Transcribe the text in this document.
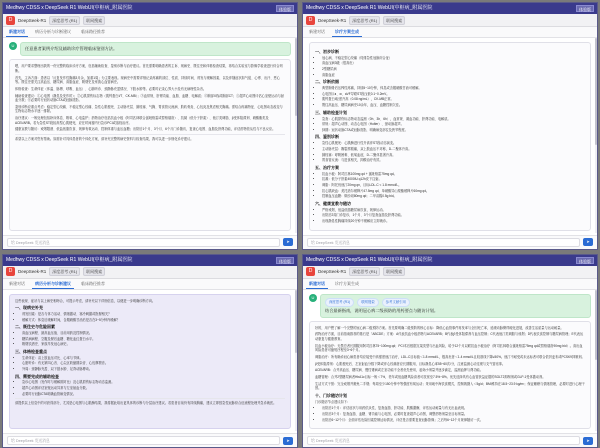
Medhwy CDSS x DeepSeek R1 WebUI(中枢病_附属医院	体验版
D	DeepSeek-R1	深度思考 (R1)	联网搜索
新建对话	病历分析与诊断建议	临床路径推荐
U
任意患者案例介绍及辅助诊疗管理临床鉴别方法。

嗯，用户要求整理出我的一份完整的临床诊疗方案，包括辅助检查、鉴别诊断与治疗建议。首先需要明确患者的主诉、现病史、既往史和体格检查结果，再结合实验室与影像学检查进行综合判断。

首先，主诉方面：患者以「反复发作性胸痛3月余，加重1周」为主要表现。现病史中需要详细记录疼痛的部位、性质、持续时间、诱发与缓解因素，以及伴随症状如气促、心悸、出汗、恶心等。既往史需关注高血压、糖尿病、高脂血症、吸烟史及家族心血管病史。

体格检查：生命体征（体温、脉搏、呼吸、血压）、心肺听诊、颈静脉充盈情况、下肢水肿等。必要时记录心界大小及有无病理性杂音。

辅助检查建议：①心电图（静息及发作时）；②心肌损伤标志物（肌钙蛋白I/T、CK-MB）；③血常规、肝肾功能、血脂、血糖、电解质；④胸部X线或胸部CT；⑤超声心动图评估心室壁运动与射血分数；⑥必要时行冠状动脉CTA或冠脉造影。

鉴别诊断应重点考虑：稳定型心绞痛、不稳定型心绞痛、急性心肌梗死、主动脉夹层、肺栓塞、气胸、胃食管反流病、肋软骨炎、心包炎及焦虑相关胸痛。需结合疼痛特征、心电图动态改变与生物标志物水平逐一排除。

治疗建议：一般处理包括卧床休息、吸氧、心电监护；药物治疗包括抗血小板（阿司匹林联合氯吡格雷或替格瑞洛）、抗凝（低分子肝素）、他汀类调脂、β受体阻滞剂、硝酸酯类及ACEI/ARB。若为急性ST段抬高型心肌梗死，应在时间窗内行急诊PCI或溶栓治疗。

健康宣教与随访：戒烟限酒、低盐低脂饮食、规律有氧运动、控制体重与血压血糖；出院后1个月、3个月、6个月门诊随访，复查心电图、血脂及肝肾功能，评估药物依从性与不良反应。

希望以上方案对您有帮助。如需针对具体患者的个体化方案，请补充完整的病史资料与检查结果，我可以进一步细化诊疗建议。

给 DeepSeek 发送消息	➤
Medhwy CDSS x DeepSeek R1 WebUI(中枢病_附属医院	体验版
D	DeepSeek-R1	深度思考 (R1)	联网搜索
新建对话	诊疗方案生成
一、初步诊断
• 冠心病，不稳定型心绞痛（待排急性冠脉综合征）
• 高血压病3级（很高危）
• 2型糖尿病
• 高脂血症
二、诊断依据
• 典型胸骨后压榨性疼痛，持续5~10分钟，休息或含服硝酸甘油可缓解。
• 心电图示Ⅱ、Ⅲ、aVF导联ST段压低0.1~0.2mV。
• 肌钙蛋白I轻度升高（0.08 ng/mL），CK-MB正常。
• 既往高血压、糖尿病病史10余年，血压、血糖控制欠佳。
三、辅助检查计划
• 急查：心肌损伤标志物动态监测（0h、3h、6h），血常规、凝血功能、肝肾功能、电解质。
• 常规：超声心动图、动态心电图（Holter）、颈动脉超声。
• 择期：冠状动脉CTA或冠脉造影，明确病变部位及狭窄程度。
四、鉴别诊断
• 急性心肌梗死：心肌酶进行性升高伴ST段动态演变。
• 主动脉夹层：撕裂样剧痛，双上肢血压不对称，D-二聚体升高。
• 肺栓塞：呼吸困难、低氧血症，D-二聚体显著升高。
• 胃食管反流：与进食相关，抑酸治疗有效。
五、治疗方案
• 抗血小板：阿司匹林100mg qd + 氯吡格雷75mg qd。
• 抗凝：低分子肝素4000IU q12h皮下注射。
• 调脂：阿托伐他汀20mg qn，目标LDL-C < 1.8 mmol/L。
• 抗心肌缺血：美托洛尔缓释片47.5mg qd，单硝酸异山梨酯缓释片60mg qd。
• 控制血压血糖：缬沙坦80mg qd；二甲双胍0.5g bid。
六、健康宣教与随访
• 严格戒烟，低盐低脂糖尿病饮食，规律运动。
• 出院后2周门诊复诊，1个月、3个月复查血脂及肝肾功能。
• 出现静息性胸痛持续20分钟不缓解应立即就诊。
给 DeepSeek 发送消息	➤
Medhwy CDSS x DeepSeek R1 WebUI(中枢病_附属医院	体验版
D	DeepSeek-R1	深度思考 (R1)	联网搜索
新建对话	病历分析与诊断建议	临床路径推荐

这些表现、症状与以上病史相吻合，可提示考虑，请补充以下详细信息，以便进一步明确诊断方向。

一、现病史补充
• 诱发因素：是否与体力活动、情绪激动、寒冷刺激或饱餐相关？
• 缓解方式：休息后缓解时间，含服硝酸甘油后是否在3~5分钟内缓解？
二、既往史与危险因素
• 高血压病程、最高血压值、目前用药及控制情况。
• 糖尿病病程、空腹及餐后血糖、糖化血红蛋白水平。
• 吸烟饮酒史、家族早发冠心病史。
三、体格检查重点
• 生命体征：双上肢血压对比、心率与节律。
• 心脏听诊：有无第四心音、心尖区收缩期杂音、心包摩擦音。
• 外周：颈静脉充盈、双下肢水肿、足背动脉搏动。
四、需要完成的辅助检查
• 急诊心电图（发作时与缓解期对比）及心肌损伤标志物动态监测。
• 超声心动图评估室壁运动异常与左室射血分数。
• 必要时行冠脉CTA明确血管病变情况。

请提供以上信息中的可获得部分，尤其是心电图与心肌酶结果，我将据此给出更具体的诊断与分层治疗建议。若患者目前仍有持续胸痛，建议立即按急性冠脉综合征流程处理并急诊就医。

给 DeepSeek 发送消息	➤
Medhwy CDSS x DeepSeek R1 WebUI(中枢病_附属医院	体验版
D	DeepSeek-R1	深度思考 (R1)	联网搜索
新建对话	诊疗方案生成
U
深度思考 (R1)	联网搜索	参考文献引用
结合最新指南，说明冠心病二级预防的用药要点与随访计划。

好的，用户想了解一个完整的冠心病二级预防方案。首先要明确二级预防的核心目标：降低心血管事件再发率与全因死亡率，延缓动脉粥样硬化进展，改善生活质量与运动耐量。

药物治疗方面，目前指南推荐的基石是「ABCDE」方案：A代表抗血小板药物与ACEI/ARB；B代表β受体阻滞剂与血压控制；C代表他汀类调脂与戒烟；D代表饮食控制与糖尿病管理；E代表运动康复与健康教育。

抗血小板治疗：无禁忌者长期服用阿司匹林75~100mg qd；PCI术后根据支架类型与出血风险，给予12个月双联抗血小板治疗（阿司匹林联合氯吡格雷75mg qd或替格瑞洛90mg bid）。高出血风险患者可缩短疗程至3~6个月。

调脂治疗：所有确诊冠心病患者均应接受中高强度他汀治疗，LDL-C目标值＜1.8 mmol/L，极高危者＜1.4 mmol/L且较基线下降≥50%。他汀不耐受或未达标者可联合依折麦布或PCSK9抑制剂。

β受体阻滞剂：心肌梗死后、左室射血分数下降或伴心绞痛者应长期服用，目标静息心率55~60次/分，注意监测心动过缓与支气管痉挛。

ACEI/ARB：合并高血压、糖尿病、慢性肾病或左室功能不全者优先使用，起始小剂量并逐步滴定，监测血钾与肾功能。

血糖管理：合并2型糖尿病者HbA1c目标一般＜7%，老年或低血糖风险高者可放宽至7.5%~8%。优先选择具有心血管获益证据的SGLT2抑制剂或GLP-1受体激动剂。

生活方式干预：完全戒烟并避免二手烟；每周至少150分钟中等强度有氧运动；采用地中海饮食模式，控制钠摄入＜5g/d；BMI维持在18.5~23.9 kg/m²；保证睡眠与情绪管理，必要时进行心理干预。

十、门诊随访计划

门诊随访节点建议如下：

• 出院后1个月：评估症状与用药依从性，复查血脂、肝功能、肌酸激酶，评估运动耐量与有无出血表现。
• 出院后3个月：复查血脂、血糖、肾功能与心电图，必要时复查超声心动图，调整药物剂量至目标剂量。
• 出院后6~12个月：全面评估危险因素控制达标情况，评估是否需要复查冠脉影像；之后每6~12个月规律随访一次。
给 DeepSeek 发送消息	➤
